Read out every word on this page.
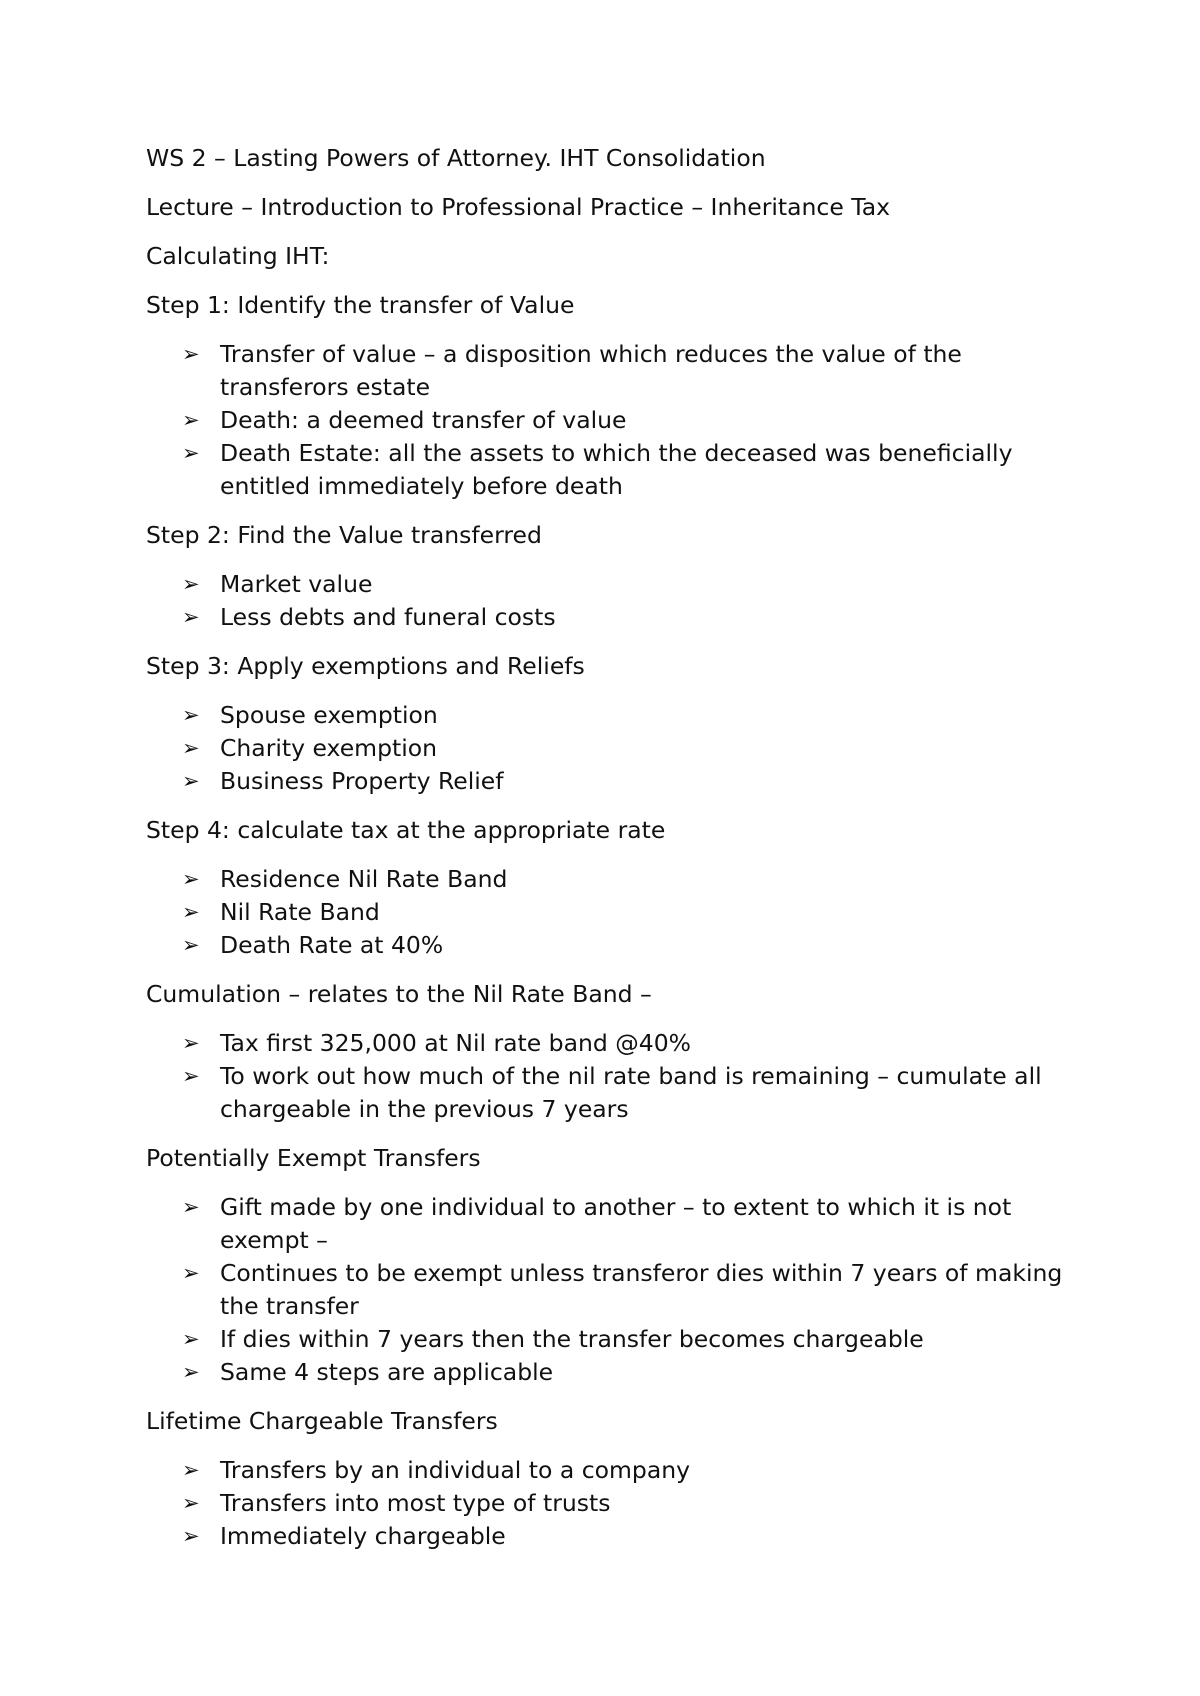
WS 2 – Lasting Powers of Attorney. IHT Consolidation

Lecture – Introduction to Professional Practice – Inheritance Tax

Calculating IHT:

Step 1: Identify the transfer of Value

➢ Transfer of value – a disposition which reduces the value of the transferors estate
➢ Death: a deemed transfer of value
➢ Death Estate: all the assets to which the deceased was beneficially entitled immediately before death

Step 2: Find the Value transferred

➢ Market value
➢ Less debts and funeral costs

Step 3: Apply exemptions and Reliefs

➢ Spouse exemption
➢ Charity exemption
➢ Business Property Relief

Step 4: calculate tax at the appropriate rate

➢ Residence Nil Rate Band
➢ Nil Rate Band
➢ Death Rate at 40%

Cumulation – relates to the Nil Rate Band –

➢ Tax first 325,000 at Nil rate band @40%
➢ To work out how much of the nil rate band is remaining – cumulate all chargeable in the previous 7 years

Potentially Exempt Transfers

➢ Gift made by one individual to another – to extent to which it is not exempt –
➢ Continues to be exempt unless transferor dies within 7 years of making the transfer
➢ If dies within 7 years then the transfer becomes chargeable
➢ Same 4 steps are applicable

Lifetime Chargeable Transfers

➢ Transfers by an individual to a company
➢ Transfers into most type of trusts
➢ Immediately chargeable
